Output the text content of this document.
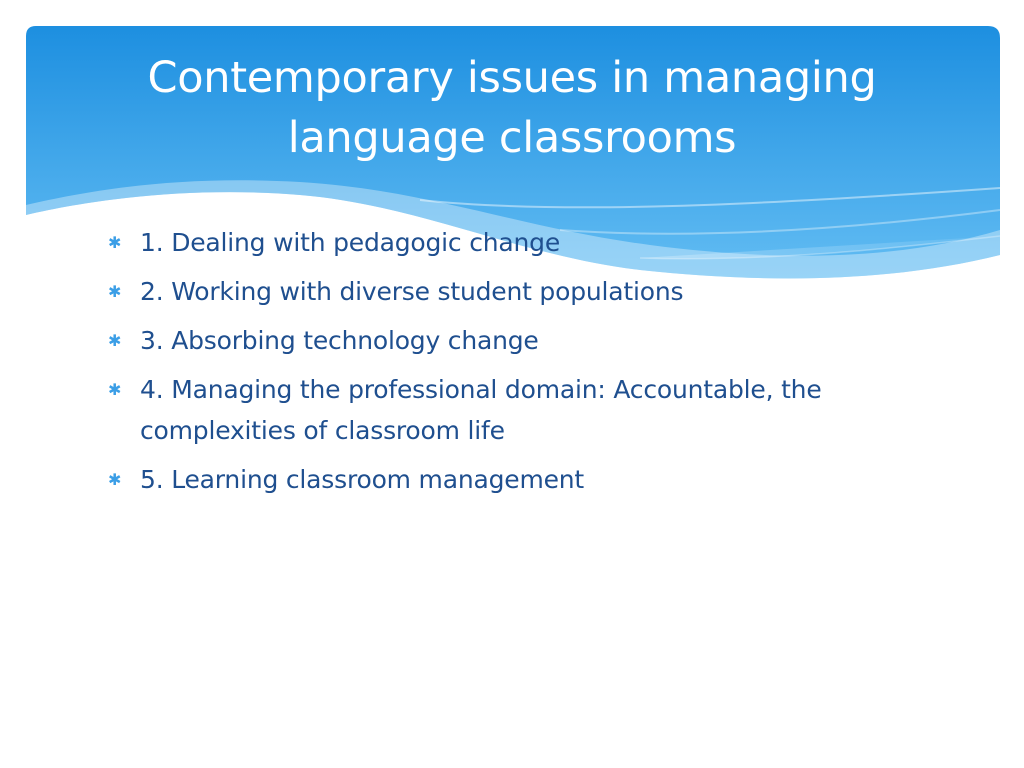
Contemporary issues in managing language classrooms
✱ 1. Dealing with pedagogic change
✱ 2. Working with diverse student populations
✱ 3. Absorbing technology change
✱ 4. Managing the professional domain: Accountable, the complexities of classroom life
✱ 5. Learning classroom management
